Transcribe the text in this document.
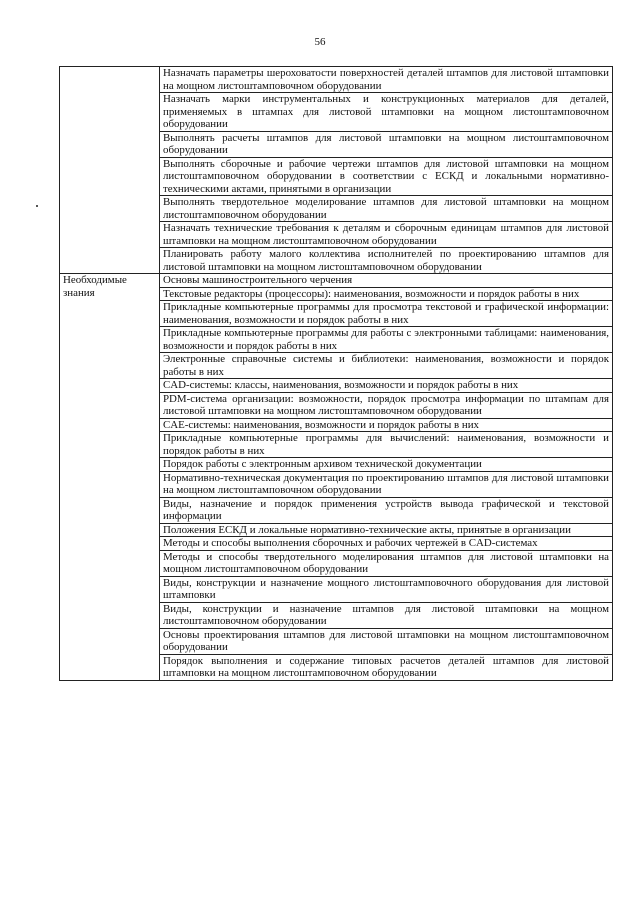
56
	Назначать параметры шероховатости поверхностей деталей штампов для листовой штамповки на мощном листоштамповочном оборудовании
	Назначать марки инструментальных и конструкционных материалов для деталей, применяемых в штампах для листовой штамповки на мощном листоштамповочном оборудовании
	Выполнять расчеты штампов для листовой штамповки на мощном листоштамповочном оборудовании
	Выполнять сборочные и рабочие чертежи штампов для листовой штамповки на мощном листоштамповочном оборудовании в соответствии с ЕСКД и локальными нормативно-техническими актами, принятыми в организации
	Выполнять твердотельное моделирование штампов для листовой штамповки на мощном листоштамповочном оборудовании
	Назначать технические требования к деталям и сборочным единицам штампов для листовой штамповки на мощном листоштамповочном оборудовании
	Планировать работу малого коллектива исполнителей по проектированию штампов для листовой штамповки на мощном листоштамповочном оборудовании
Необходимые знания	Основы машиностроительного черчения
	Текстовые редакторы (процессоры): наименования, возможности и порядок работы в них
	Прикладные компьютерные программы для просмотра текстовой и графической информации: наименования, возможности и порядок работы в них
	Прикладные компьютерные программы для работы с электронными таблицами: наименования, возможности и порядок работы в них
	Электронные справочные системы и библиотеки: наименования, возможности и порядок работы в них
	CAD-системы: классы, наименования, возможности и порядок работы в них
	PDM-система организации: возможности, порядок просмотра информации по штампам для листовой штамповки на мощном листоштамповочном оборудовании
	CAE-системы: наименования, возможности и порядок работы в них
	Прикладные компьютерные программы для вычислений: наименования, возможности и порядок работы в них
	Порядок работы с электронным архивом технической документации
	Нормативно-техническая документация по проектированию штампов для листовой штамповки на мощном листоштамповочном оборудовании
	Виды, назначение и порядок применения устройств вывода графической и текстовой информации
	Положения ЕСКД и локальные нормативно-технические акты, принятые в организации
	Методы и способы выполнения сборочных и рабочих чертежей в CAD-системах
	Методы и способы твердотельного моделирования штампов для листовой штамповки на мощном листоштамповочном оборудовании
	Виды, конструкции и назначение мощного листоштамповочного оборудования для листовой штамповки
	Виды, конструкции и назначение штампов для листовой штамповки на мощном листоштамповочном оборудовании
	Основы проектирования штампов для листовой штамповки на мощном листоштамповочном оборудовании
	Порядок выполнения и содержание типовых расчетов деталей штампов для листовой штамповки на мощном листоштамповочном оборудовании
